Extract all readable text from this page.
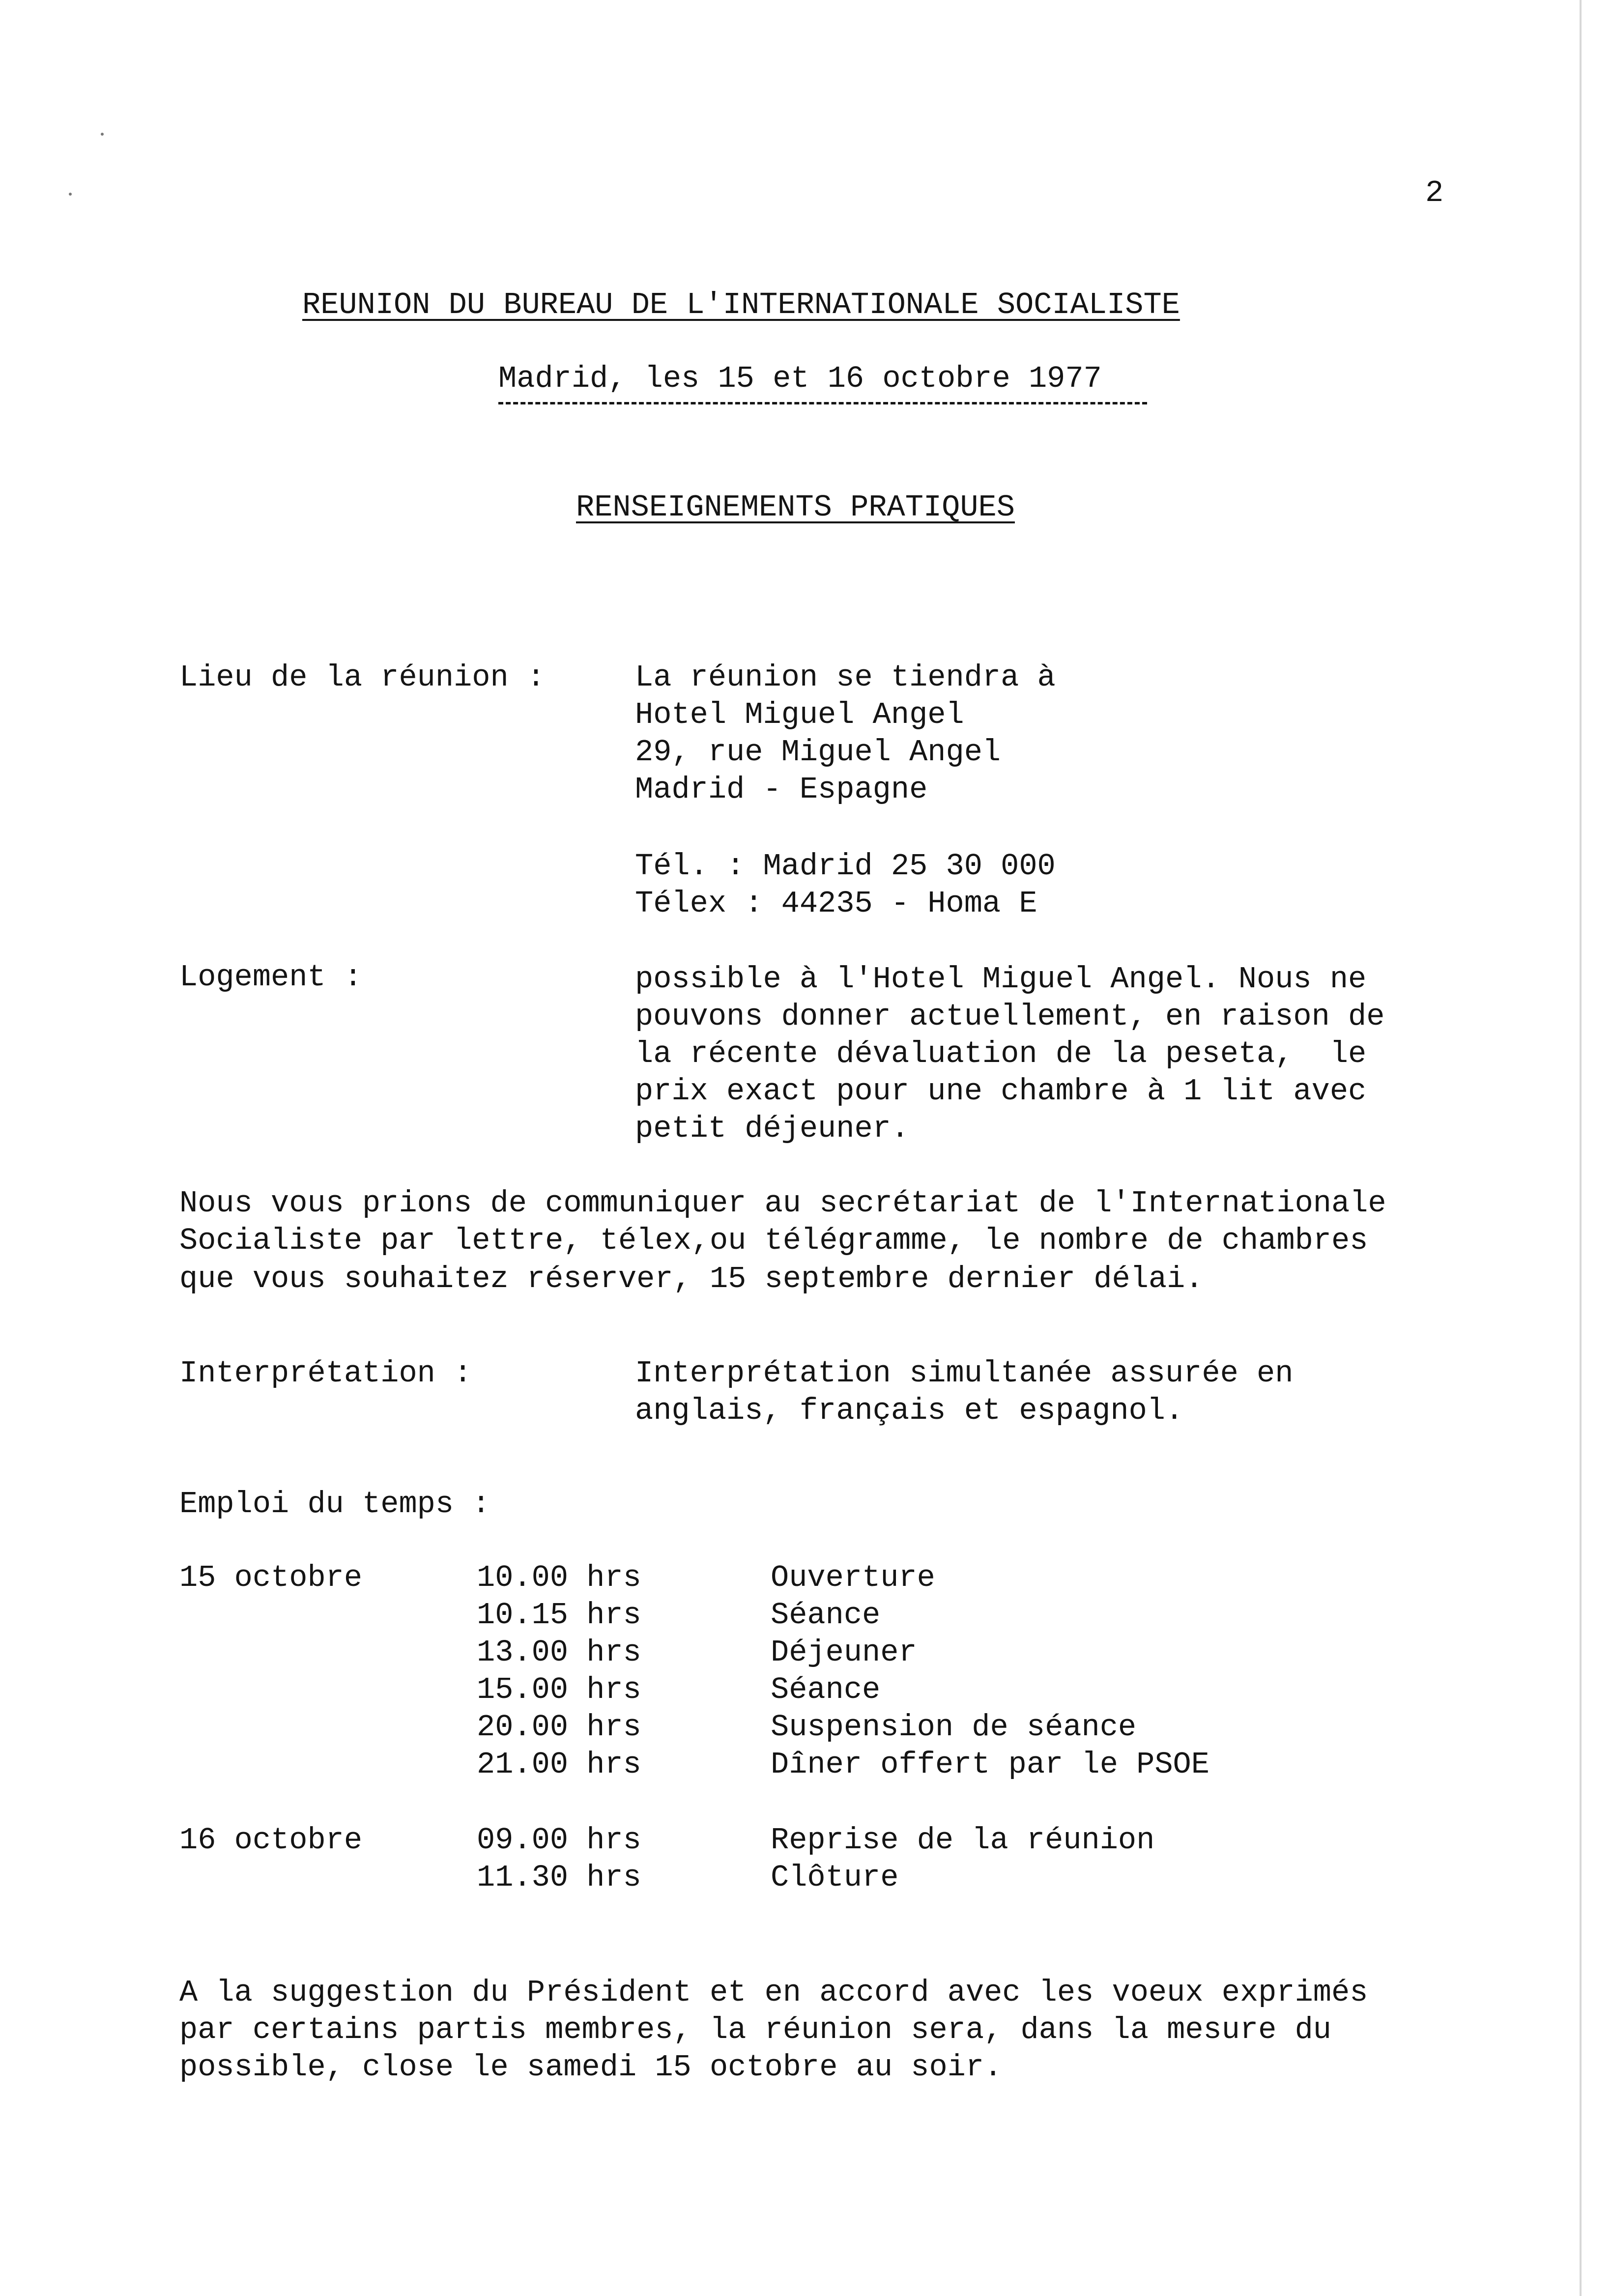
2
REUNION DU BUREAU DE L'INTERNATIONALE SOCIALISTE
Madrid, les 15 et 16 octobre 1977
RENSEIGNEMENTS PRATIQUES
Lieu de la réunion :	La réunion se tiendra à
Hotel Miguel Angel
29, rue Miguel Angel
Madrid - Espagne
Tél. : Madrid 25 30 000
Télex : 44235 - Homa E
Logement :	possible à l'Hotel Miguel Angel. Nous ne
pouvons donner actuellement, en raison de
la récente dévaluation de la peseta,  le
prix exact pour une chambre à 1 lit avec
petit déjeuner.
Nous vous prions de communiquer au secrétariat de l'Internationale
Socialiste par lettre, télex,ou télégramme, le nombre de chambres
que vous souhaitez réserver, 15 septembre dernier délai.
Interprétation :	Interprétation simultanée assurée en
anglais, français et espagnol.
Emploi du temps :
15 octobre	10.00 hrs	Ouverture
10.15 hrs	Séance
13.00 hrs	Déjeuner
15.00 hrs	Séance
20.00 hrs	Suspension de séance
21.00 hrs	Dîner offert par le PSOE
16 octobre	09.00 hrs	Reprise de la réunion
11.30 hrs	Clôture
A la suggestion du Président et en accord avec les voeux exprimés
par certains partis membres, la réunion sera, dans la mesure du
possible, close le samedi 15 octobre au soir.
